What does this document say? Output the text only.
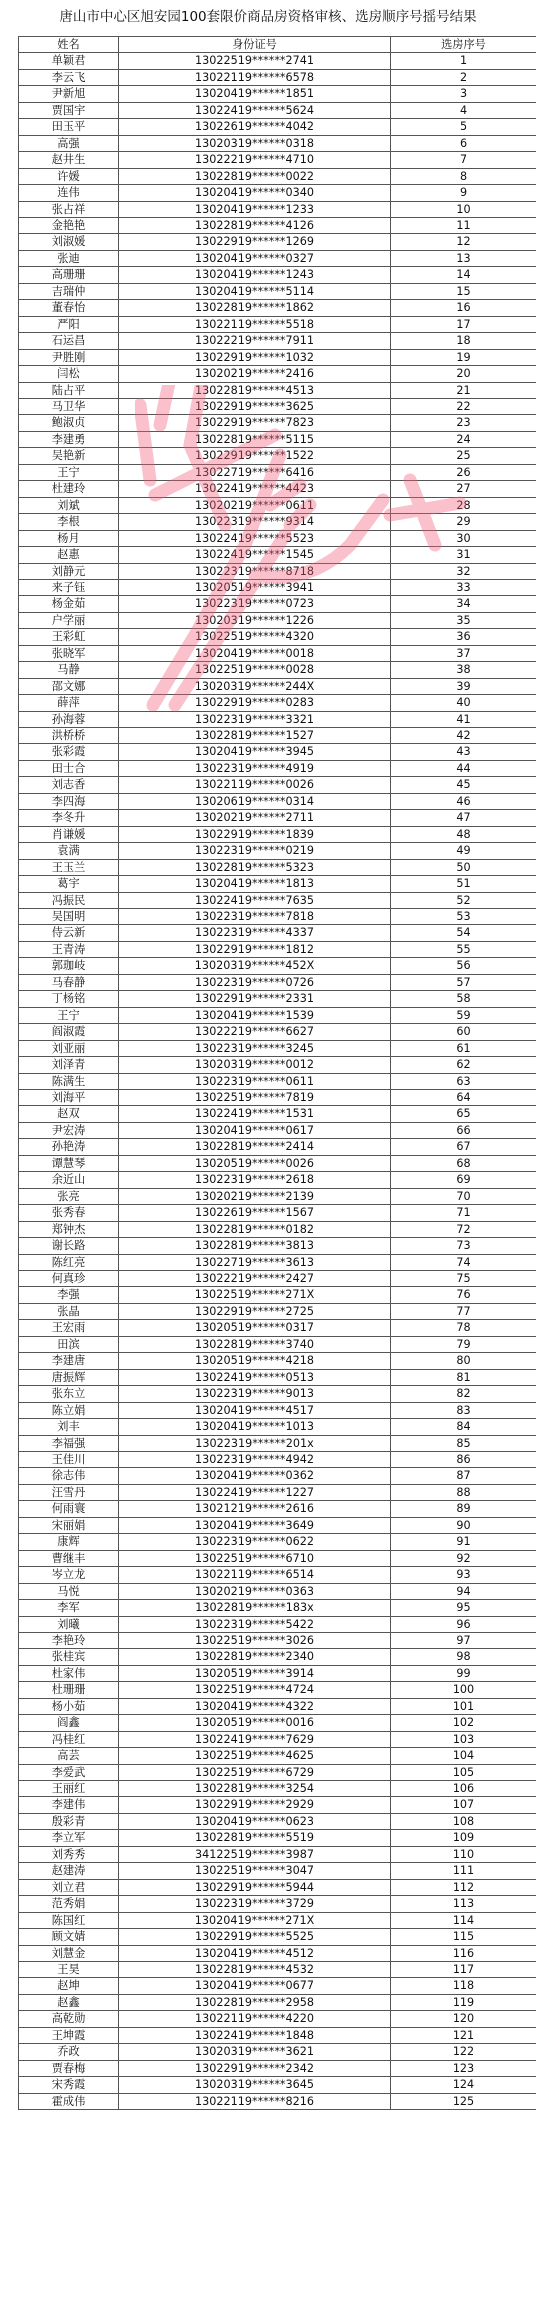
唐山市中心区旭安园100套限价商品房资格审核、选房顺序号摇号结果
姓名	身份证号	选房序号
单颖君	13022519******2741	1
李云飞	13022119******6578	2
尹新旭	13020419******1851	3
贾国宇	13022419******5624	4
田玉平	13022619******4042	5
高强	13020319******0318	6
赵井生	13022219******4710	7
许媛	13022819******0022	8
连伟	13020419******0340	9
张占祥	13020419******1233	10
金艳艳	13022819******4126	11
刘淑媛	13022919******1269	12
张迪	13020419******0327	13
高珊珊	13020419******1243	14
吉瑞仲	13020419******5114	15
董春怡	13022819******1862	16
严阳	13022119******5518	17
石运昌	13022219******7911	18
尹胜刚	13022919******1032	19
闫松	13020219******2416	20
陆占平	13022819******4513	21
马卫华	13022919******3625	22
鲍淑贞	13022919******7823	23
李建勇	13022819******5115	24
吴艳新	13022919******1522	25
王宁	13022719******6416	26
杜建玲	13022419******4423	27
刘斌	13020219******0611	28
李根	13022319******9314	29
杨月	13022419******5523	30
赵惠	13022419******1545	31
刘静元	13022319******8718	32
来子钰	13020519******3941	33
杨金茹	13022319******0723	34
户学丽	13020319******1226	35
王彩虹	13022519******4320	36
张晓军	13020419******0018	37
马静	13022519******0028	38
邵文娜	13020319******244X	39
薛萍	13022919******0283	40
孙海蓉	13022319******3321	41
洪桥桥	13022819******1527	42
张彩霞	13020419******3945	43
田士合	13022319******4919	44
刘志香	13022119******0026	45
李四海	13020619******0314	46
李冬升	13020219******2711	47
肖谦媛	13022919******1839	48
袁满	13022319******0219	49
王玉兰	13022819******5323	50
葛宇	13020419******1813	51
冯振民	13022419******7635	52
吴国明	13022319******7818	53
侍云新	13022319******4337	54
王青涛	13022919******1812	55
郭珈岐	13020319******452X	56
马春静	13022319******0726	57
丁杨铭	13022919******2331	58
王宁	13020419******1539	59
阎淑霞	13022219******6627	60
刘亚丽	13022319******3245	61
刘泽青	13020319******0012	62
陈满生	13022319******0611	63
刘海平	13022519******7819	64
赵双	13022419******1531	65
尹宏涛	13020419******0617	66
孙艳涛	13022819******2414	67
谭慧琴	13020519******0026	68
余近山	13022319******2618	69
张亮	13020219******2139	70
张秀春	13022619******1567	71
郑钟杰	13022819******0182	72
谢长路	13022819******3813	73
陈红亮	13022719******3613	74
何真珍	13022219******2427	75
李强	13022519******271X	76
张晶	13022919******2725	77
王宏雨	13020519******0317	78
田滨	13022819******3740	79
李建唐	13020519******4218	80
唐振辉	13022419******0513	81
张东立	13022319******9013	82
陈立娟	13020419******4517	83
刘丰	13020419******1013	84
李福强	13022319******201x	85
王佳川	13022319******4942	86
徐志伟	13020419******0362	87
汪雪丹	13022419******1227	88
何雨寰	13021219******2616	89
宋丽娟	13020419******3649	90
康辉	13022319******0622	91
曹继丰	13022519******6710	92
岑立龙	13022119******6514	93
马悦	13020219******0363	94
李军	13022819******183x	95
刘曦	13022319******5422	96
李艳玲	13022519******3026	97
张桂宾	13022819******2340	98
杜家伟	13020519******3914	99
杜珊珊	13022519******4724	100
杨小茹	13020419******4322	101
阎鑫	13020519******0016	102
冯桂红	13022419******7629	103
高芸	13022519******4625	104
李爱武	13022519******6729	105
王丽红	13022819******3254	106
李建伟	13022919******2929	107
殷彩青	13020419******0623	108
李立军	13022819******5519	109
刘秀秀	34122519******3987	110
赵建涛	13022519******3047	111
刘立君	13022919******5944	112
范秀娟	13022319******3729	113
陈国红	13020419******271X	114
顾文婧	13022919******5525	115
刘慧金	13020419******4512	116
王昊	13022819******4532	117
赵坤	13020419******0677	118
赵鑫	13022819******2958	119
高乾勋	13022119******4220	120
王坤霞	13022419******1848	121
乔政	13020319******3621	122
贾春梅	13022919******2342	123
宋秀霞	13020319******3645	124
霍成伟	13022119******8216	125
